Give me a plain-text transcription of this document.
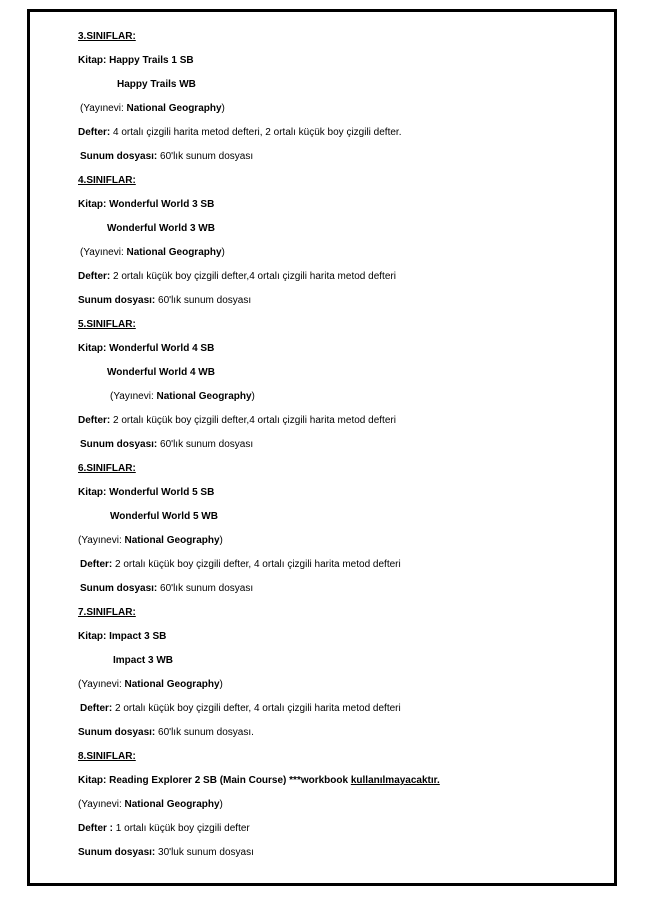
3.SINIFLAR:
Kitap: Happy Trails 1 SB
Happy Trails WB
(Yayınevi: National Geography)
Defter: 4 ortalı çizgili harita metod defteri, 2 ortalı küçük boy çizgili defter.
Sunum dosyası: 60'lık sunum dosyası
4.SINIFLAR:
Kitap: Wonderful World 3 SB
Wonderful World 3 WB
(Yayınevi: National Geography)
Defter: 2 ortalı küçük boy çizgili defter,4 ortalı çizgili harita metod defteri
Sunum dosyası: 60'lık sunum dosyası
5.SINIFLAR:
Kitap: Wonderful World 4 SB
Wonderful World 4 WB
(Yayınevi: National Geography)
Defter: 2 ortalı küçük boy çizgili defter,4 ortalı çizgili harita metod defteri
Sunum dosyası: 60'lık sunum dosyası
6.SINIFLAR:
Kitap: Wonderful World 5 SB
Wonderful World 5 WB
(Yayınevi: National Geography)
Defter: 2 ortalı küçük boy çizgili defter, 4 ortalı çizgili harita metod defteri
Sunum dosyası: 60'lık sunum dosyası
7.SINIFLAR:
Kitap: Impact 3 SB
Impact 3 WB
(Yayınevi: National Geography)
Defter: 2 ortalı küçük boy çizgili defter, 4 ortalı çizgili harita metod defteri
Sunum dosyası: 60'lık sunum dosyası.
8.SINIFLAR:
Kitap: Reading Explorer 2 SB (Main Course) ***workbook kullanılmayacaktır.
(Yayınevi: National Geography)
Defter : 1 ortalı küçük boy çizgili defter
Sunum dosyası: 30'luk sunum dosyası
